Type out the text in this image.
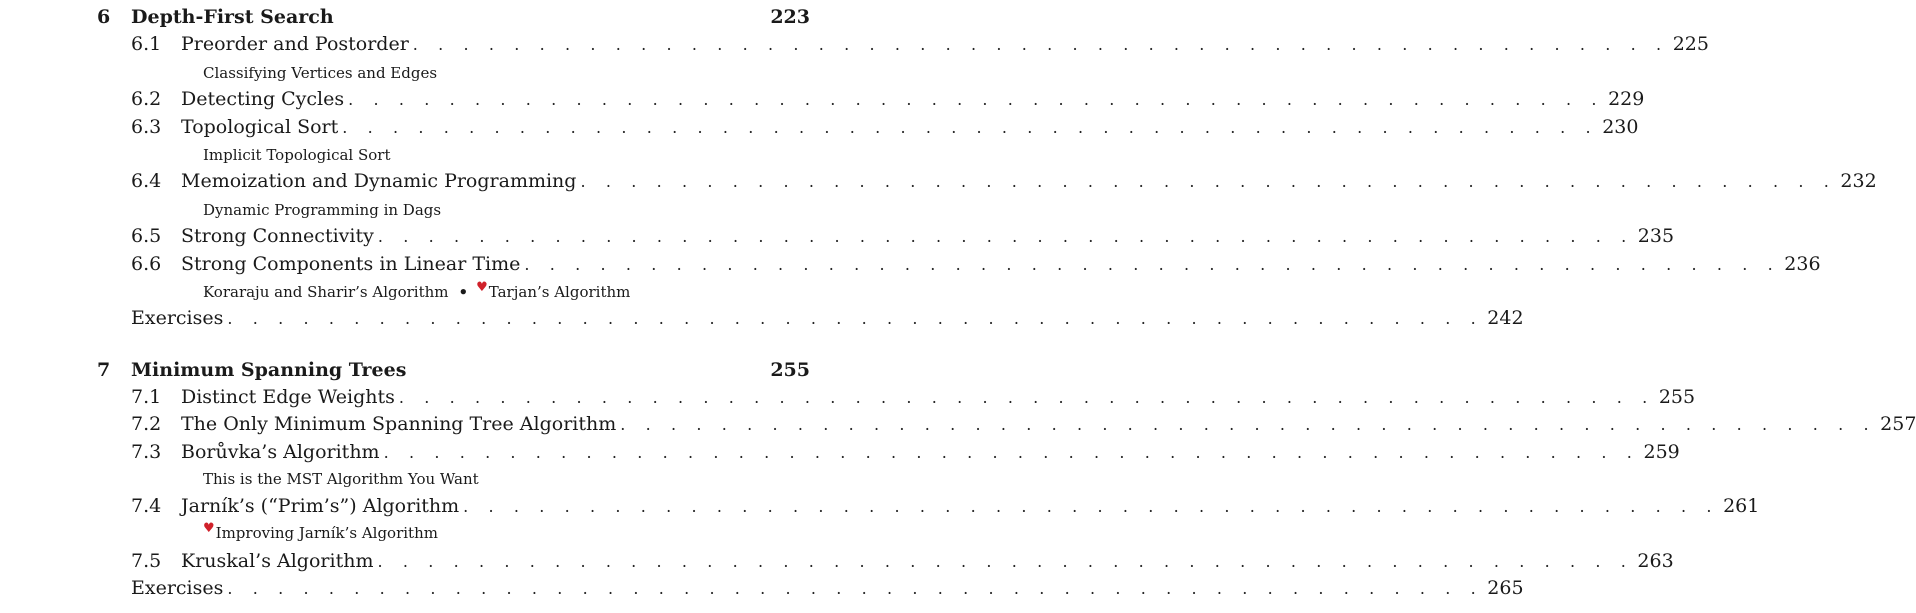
6 Depth-First Search	223
6.1 Preorder and Postorder . . . . . . . . . . . . . . . . . . . . . . . . . . . . . . . . . . . . . . . . . . . . . . . . . . 225
Classifying Vertices and Edges
6.2 Detecting Cycles . . . . . . . . . . . . . . . . . . . . . . . . . . . . . . . . . . . . . . . . . . . . . . . . . . 229
6.3 Topological Sort . . . . . . . . . . . . . . . . . . . . . . . . . . . . . . . . . . . . . . . . . . . . . . . . . . 230
Implicit Topological Sort
6.4 Memoization and Dynamic Programming . . . . . . . . . . . . . . . . . . . . . . . . . . . . . . . . . . . . . . . . . . . . . . . . . . 232
Dynamic Programming in Dags
6.5 Strong Connectivity . . . . . . . . . . . . . . . . . . . . . . . . . . . . . . . . . . . . . . . . . . . . . . . . . . 235
6.6 Strong Components in Linear Time . . . . . . . . . . . . . . . . . . . . . . . . . . . . . . . . . . . . . . . . . . . . . . . . . . 236
Koraraju and Sharir’s Algorithm • ♥Tarjan’s Algorithm
Exercises . . . . . . . . . . . . . . . . . . . . . . . . . . . . . . . . . . . . . . . . . . . . . . . . . . 242
7 Minimum Spanning Trees	255
7.1 Distinct Edge Weights . . . . . . . . . . . . . . . . . . . . . . . . . . . . . . . . . . . . . . . . . . . . . . . . . . 255
7.2 The Only Minimum Spanning Tree Algorithm . . . . . . . . . . . . . . . . . . . . . . . . . . . . . . . . . . . . . . . . . . . . . . . . . . 257
7.3 Borůvka’s Algorithm . . . . . . . . . . . . . . . . . . . . . . . . . . . . . . . . . . . . . . . . . . . . . . . . . . 259
This is the MST Algorithm You Want
7.4 Jarník’s (“Prim’s”) Algorithm . . . . . . . . . . . . . . . . . . . . . . . . . . . . . . . . . . . . . . . . . . . . . . . . . . 261
♥Improving Jarník’s Algorithm
7.5 Kruskal’s Algorithm . . . . . . . . . . . . . . . . . . . . . . . . . . . . . . . . . . . . . . . . . . . . . . . . . . 263
Exercises . . . . . . . . . . . . . . . . . . . . . . . . . . . . . . . . . . . . . . . . . . . . . . . . . . 265
